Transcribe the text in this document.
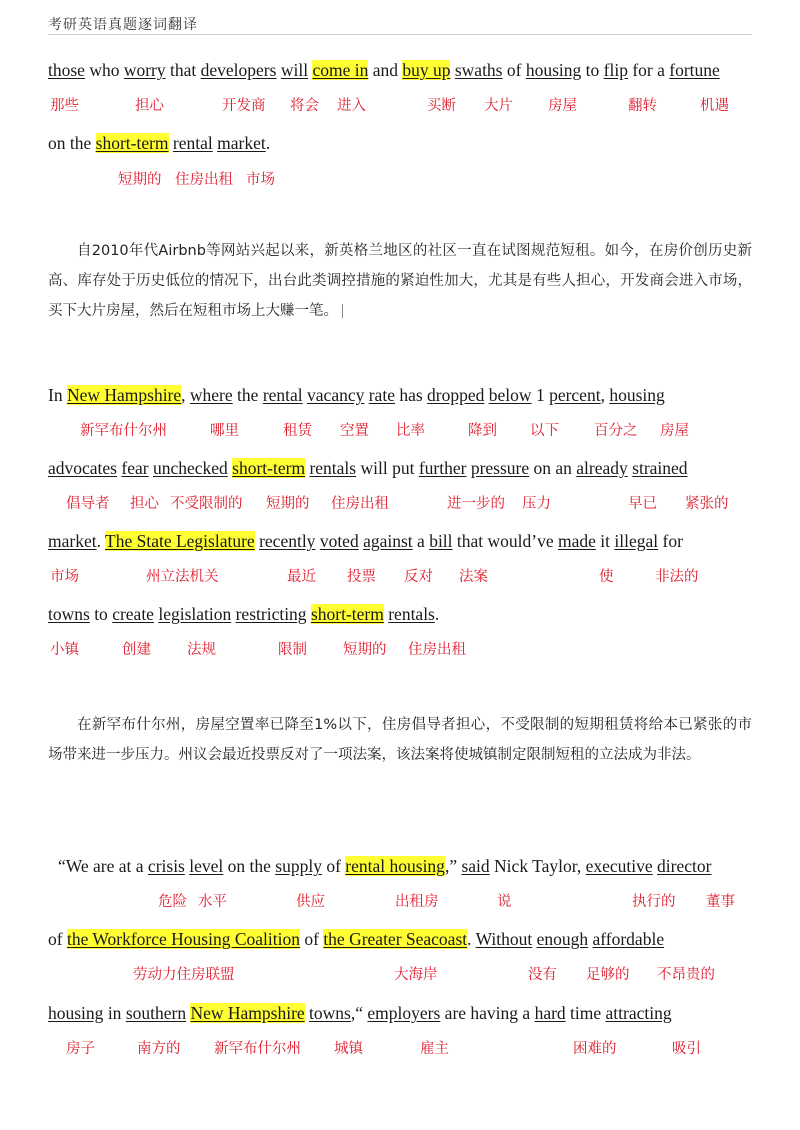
考研英语真题逐词翻译
those who worry that developers will come in and buy up swaths of housing to flip for a fortune
那些	担心	开发商 将会 进入	买断 大片 房屋	翻转	机遇
on the short-term rental market.
短期的 住房出租 市场
自2010年代Airbnb等网站兴起以来，新英格兰地区的社区一直在试图规范短租。如今，在房价创历史新高、库存处于历史低位的情况下，出台此类调控措施的紧迫性加大，尤其是有些人担心，开发商会进入市场，买下大片房屋，然后在短租市场上大赚一笔。
In New Hampshire, where the rental vacancy rate has dropped below 1 percent, housing
新罕布什尔州	哪里	租赁 空置 比率	降到 以下 百分之 房屋
advocates fear unchecked short-term rentals will put further pressure on an already strained
倡导者 担心 不受限制的 短期的 住房出租	进一步的 压力	早已 紧张的
market. The State Legislature recently voted against a bill that would’ve made it illegal for
市场	州立法机关	最近 投票 反对 法案	使	非法的
towns to create legislation restricting short-term rentals.
小镇	创建 法规	限制 短期的 住房出租
在新罕布什尔州，房屋空置率已降至1%以下，住房倡导者担心，不受限制的短期租赁将给本已紧张的市场带来进一步压力。州议会最近投票反对了一项法案，该法案将使城镇制定限制短租的立法成为非法。
“We are at a crisis level on the supply of rental housing,” said Nick Taylor, executive director
危险 水平	供应	出租房	说	执行的 董事
of the Workforce Housing Coalition of the Greater Seacoast. Without enough affordable
劳动力住房联盟	大海岸	没有 足够的 不昂贵的
housing in southern New Hampshire towns,“ employers are having a hard time attracting
房子	南方的 新罕布什尔州 城镇	雇主	困难的	吸引
